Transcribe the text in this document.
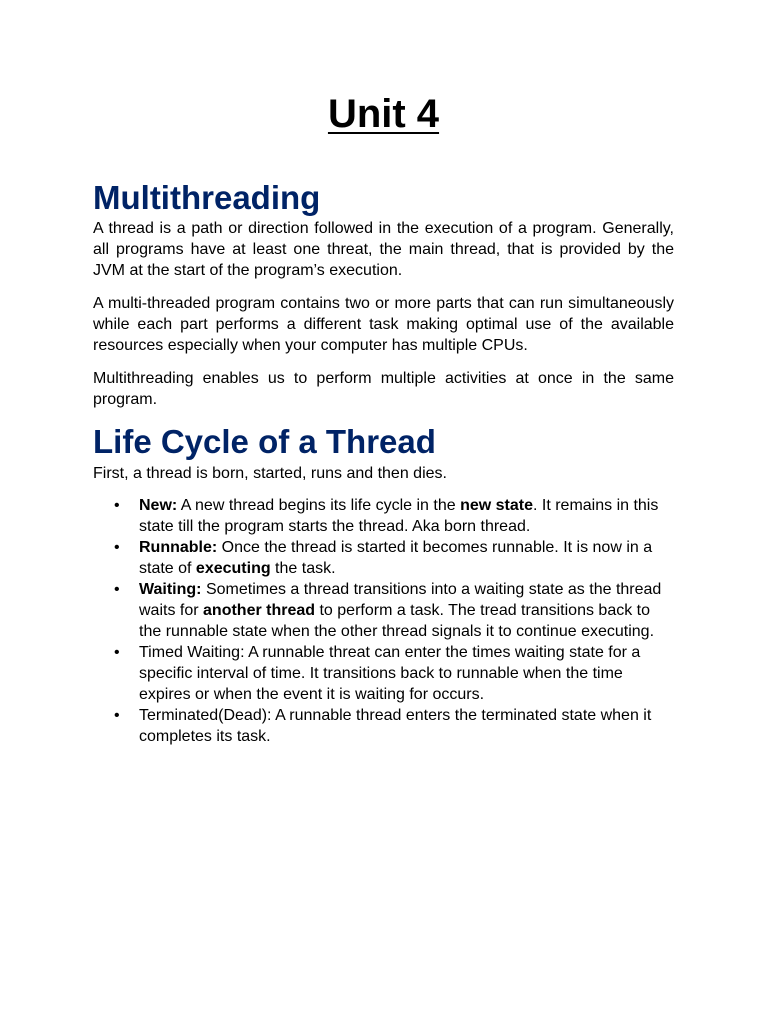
Unit 4
Multithreading

A thread is a path or direction followed in the execution of a program. Generally, all programs have at least one threat, the main thread, that is provided by the JVM at the start of the program’s execution.

A multi-threaded program contains two or more parts that can run simultaneously while each part performs a different task making optimal use of the available resources especially when your computer has multiple CPUs.

Multithreading enables us to perform multiple activities at once in the same program.

Life Cycle of a Thread

First, a thread is born, started, runs and then dies.

• New: A new thread begins its life cycle in the new state. It remains in this state till the program starts the thread. Aka born thread.
• Runnable: Once the thread is started it becomes runnable. It is now in a state of executing the task.
• Waiting: Sometimes a thread transitions into a waiting state as the thread waits for another thread to perform a task. The tread transitions back to the runnable state when the other thread signals it to continue executing.
• Timed Waiting: A runnable threat can enter the times waiting state for a specific interval of time. It transitions back to runnable when the time expires or when the event it is waiting for occurs.
• Terminated(Dead): A runnable thread enters the terminated state when it completes its task.
